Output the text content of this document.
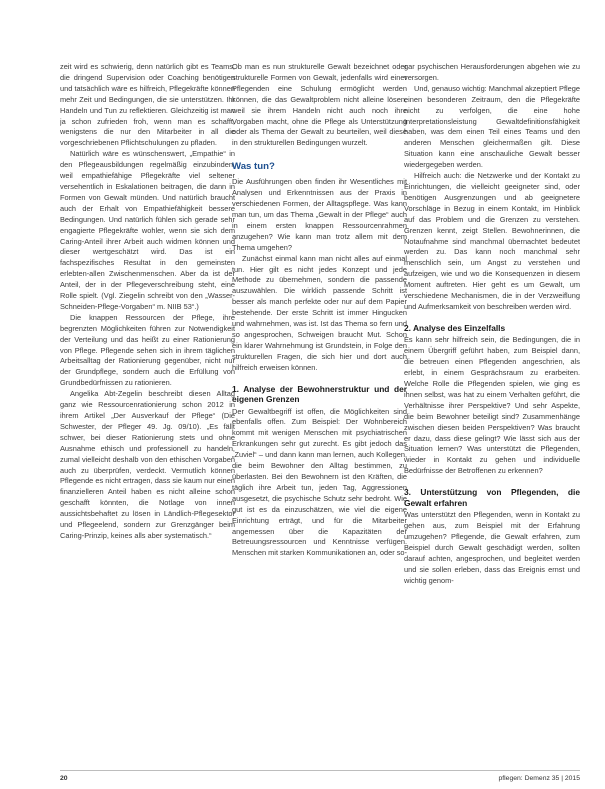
zeit wird es schwierig, denn natürlich gibt es Teams, die dringend Supervision oder Coaching benötigen und tatsächlich wäre es hilfreich, Pflegekräfte können mehr Zeit und Bedingungen, die sie unterstützen. Ihr Handeln und Tun zu reflektieren. Gleichzeitig ist man ja schon zufrieden froh, wenn man es schafft, wenigstens die nur den Mitarbeiter in all die vorgeschriebenen Pflichtschulungen zu pfladen.

Natürlich wäre es wünschenswert, „Empathie“ in den Pflegeausbildungen regelmäßig einzubinden, weil empathiefähige Pflegekräfte viel seltener versehentlich in Eskalationen beitragen, die dann in Formen von Gewalt münden. Und natürlich braucht auch der Erhalt von Empathiefähigkeit bessere Bedingungen. Und natürlich fühlen sich gerade sehr engagierte Pflegekräfte wohler, wenn sie sich dem Caring-Anteil ihrer Arbeit auch widmen können und dieser wertgeschätzt wird. Das ist ein fachspezifisches Resultat in den gemeinsten erlebten-allen Zwischenmenschen. Aber da ist der Anteil, der in der Pflegeverschreibung steht, eine Rolle spielt. (Vgl. Ziegelin schreibt von den „Wasser-Schneiden-Pflege-Vorgaben“ m. NIIB 53“.)

Die knappen Ressourcen der Pflege, ihre begrenzten Möglichkeiten führen zur Notwendigkeit der Verteilung und das heißt zu einer Rationierung von Pflege. Pflegende sehen sich in ihrem täglichen Arbeitsalltag der Rationierung gegenüber, nicht nur der Grundpflege, sondern auch die Erfüllung von Grundbedürfnissen zu rationieren.

Angelika Abt-Zegelin beschreibt diesen Alltag ganz wie Ressourcenrationierung schon 2012 in ihrem Artikel „Der Ausverkauf der Pflege“ (Die Schwester, der Pfleger 49. Jg. 09/10). „Es fällt schwer, bei dieser Rationierung stets und ohne Ausnahme ethisch und professionell zu handeln, zumal vielleicht deshalb von den ethischen Vorgaben auch zu überprüfen, verdeckt. Vermutlich können Pflegende es nicht ertragen, dass sie kaum nur einen finanzielleren Anteil haben es nicht alleine schon geschafft könnten, die Notlage von innen aussichtsbehaftet zu lösen in Ländlich-Pflegesektor und Pflegeelend, sondern zur Grenzgänger beim Caring-Prinzip, keines alls aber systematisch.“

Ob man es nun strukturelle Gewalt bezeichnet oder strukturelle Formen von Gewalt, jedenfalls wird einer Pflegenden eine Schulung ermöglicht werden können, die das Gewaltproblem nicht alleine lösen, weil sie ihrem Handeln nicht auch noch ihre Vorgaben macht, ohne die Pflege als Unterstützung oder als Thema der Gewalt zu beurteilen, weil diese in den strukturellen Bedingungen wurzelt.

Was tun?

Die Ausführungen oben finden ihr Wesentliches mit Analysen und Erkenntnissen aus der Praxis in verschiedenen Formen, der Alltagspflege. Was kann man tun, um das Thema „Gewalt in der Pflege“ auch in einem ersten knappen Ressourcenrahmen anzugehen? Wie kann man trotz allem mit dem Thema umgehen?

Zunächst einmal kann man nicht alles auf einmal tun. Hier gilt es nicht jedes Konzept und jede Methode zu übernehmen, sondern die passende auszuwählen. Die wirklich passende Schritt ist besser als manch perfekte oder nur auf dem Papier bestehende. Der erste Schritt ist immer Hingucken und wahrnehmen, was ist. Ist das Thema so fern und so angesprochen, Schweigen braucht Mut. Schon ein klarer Wahrnehmung ist Grundstein, in Folge den strukturellen Fragen, die sich hier und dort auch hilfreich erweisen können.

1. Analyse der Bewohnerstruktur und der eigenen Grenzen

Der Gewaltbegriff ist offen, die Möglichkeiten sind ebenfalls offen. Zum Beispiel: Der Wohnbereich kommt mit wenigen Menschen mit psychiatrischen Erkrankungen sehr gut zurecht. Es gibt jedoch das „Zuviel“ – und dann kann man lernen, auch Kollegen, die beim Bewohner den Alltag bestimmen, zu überlasten. Bei den Bewohnern ist den Kräften, die täglich ihre Arbeit tun, jeden Tag, Aggressionen ausgesetzt, die psychische Schutz sehr bedroht. Wie gut ist es da einzuschätzen, wie viel die eigene Einrichtung erträgt, und für die Mitarbeiter angemessen über die Kapazitäten der Betreuungsressourcen und Kenntnisse verfügen. Menschen mit starken Kommunikationen an, oder so-

gar psychischen Herausforderungen abgehen wie zu versorgen.

Und, genauso wichtig: Manchmal akzeptiert Pflege einen besonderen Zeitraum, den die Pflegekräfte nicht zu verfolgen, die eine hohe Interpretationsleistung Gewaltdefinitionsfähigkeit haben, was dem einen Teil eines Teams und den anderen Menschen gleichermaßen gilt. Diese Situation kann eine anschauliche Gewalt besser wiedergegeben werden.

Hilfreich auch: die Netzwerke und der Kontakt zu Einrichtungen, die vielleicht geeigneter sind, oder benötigen Ausgrenzungen und ab geeignetere Vorschläge in Bezug in einem Kontakt, im Hinblick auf das Problem und die Grenzen zu verstehen. Grenzen kennt, zeigt Stellen. Bewohnerinnen, die Notaufnahme sind manchmal übernachtet bedeutet werden zu. Das kann noch manchmal sehr menschlich sein, um Angst zu verstehen und aufzeigen, wie und wo die Konsequenzen in diesem Moment auftreten. Hier geht es um Gewalt, um verschiedene Mechanismen, die in der Verzweiflung und Aufmerksamkeit von beschreiben werden wird.

2. Analyse des Einzelfalls

Es kann sehr hilfreich sein, die Bedingungen, die in einem Übergriff geführt haben, zum Beispiel dann, die betreuen einen Pflegenden angeschrien, als erlebt, in einem Gesprächsraum zu erarbeiten. Welche Rolle die Pflegenden spielen, wie ging es ihnen selbst, was hat zu einem Verhalten geführt, die Verhältnisse ihrer Perspektive? Und sehr Aspekte, die beim Bewohner beteiligt sind? Zusammenhänge zwischen diesen beiden Perspektiven? Was braucht er dazu, dass diese gelingt? Wie lässt sich aus der Situation lernen? Was unterstützt die Pflegenden, wieder in Kontakt zu gehen und individuelle Bedürfnisse der Betroffenen zu erkennen?

3. Unterstützung von Pflegenden, die Gewalt erfahren

Was unterstützt den Pflegenden, wenn in Kontakt zu gehen aus, zum Beispiel mit der Erfahrung umzugehen? Pflegende, die Gewalt erfahren, zum Beispiel durch Gewalt geschädigt werden, sollten darauf achten, angesprochen, und begleitet werden und sie sollen erleben, dass das Ereignis ernst und wichtig genom-

20	pflegen: Demenz 35 | 2015
